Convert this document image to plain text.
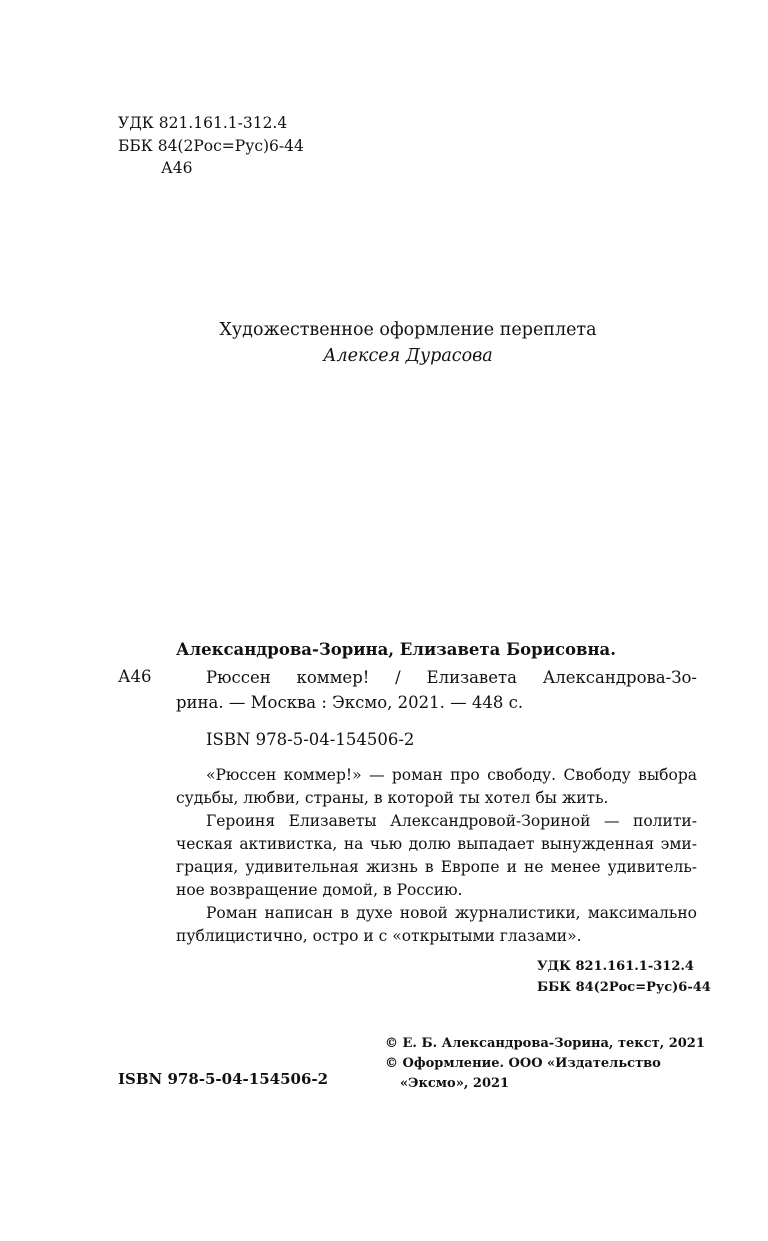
УДК 821.161.1-312.4
ББК 84(2Рос=Рус)6-44
А46
Художественное оформление переплета
Алексея Дурасова
Александрова-Зорина, Елизавета Борисовна.
А46	Рюссен коммер! / Елизавета Александрова-Зо-
рина. — Москва : Эксмо, 2021. — 448 с.
ISBN 978-5-04-154506-2
«Рюссен коммер!» — роман про свободу. Свободу выбора
судьбы, любви, страны, в которой ты хотел бы жить.
Героиня Елизаветы Александровой-Зориной — полити-
ческая активистка, на чью долю выпадает вынужденная эми-
грация, удивительная жизнь в Европе и не менее удивитель-
ное возвращение домой, в Россию.
Роман написан в духе новой журналистики, максимально
публицистично, остро и с «открытыми глазами».
УДК 821.161.1-312.4
ББК 84(2Рос=Рус)6-44
© Е. Б. Александрова-Зорина, текст, 2021
© Оформление. ООО «Издательство
«Эксмо», 2021
ISBN 978-5-04-154506-2
